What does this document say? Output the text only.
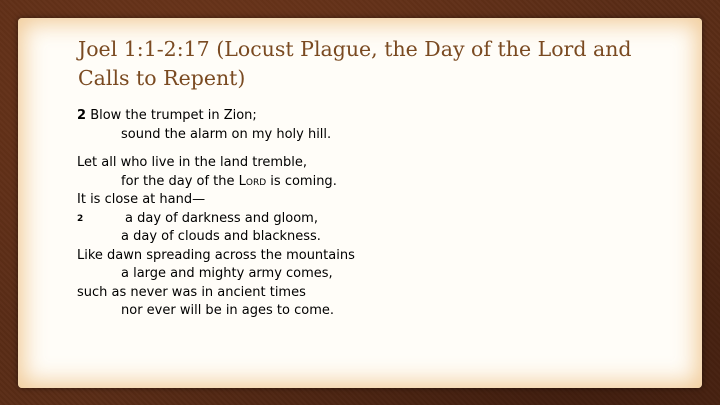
Joel 1:1-2:17 (Locust Plague, the Day of the Lord and Calls to Repent)
2 Blow the trumpet in Zion;
sound the alarm on my holy hill.
Let all who live in the land tremble,
for the day of the Lord is coming.
It is close at hand—
2	a day of darkness and gloom,
a day of clouds and blackness.
Like dawn spreading across the mountains
a large and mighty army comes,
such as never was in ancient times
nor ever will be in ages to come.
